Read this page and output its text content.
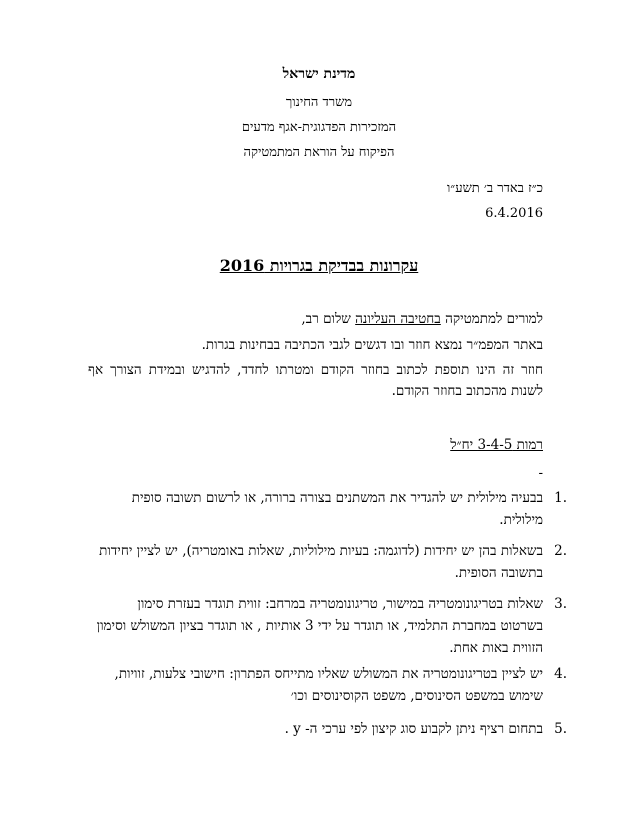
מדינת ישראל
משרד החינוך
המזכירות הפדגוגית-אגף מדעים
הפיקוח על הוראת המתמטיקה
כ״ז באדר ב׳ תשע״ו
6.4.2016
עקרונות בבדיקת בגרויות 2016
למורים למתמטיקה בחטיבה העליונה שלום רב,
באתר המפמ״ר נמצא חוזר ובו דגשים לגבי הכתיבה בבחינות בגרות.
חוזר זה הינו תוספת לכתוב בחוזר הקודם ומטרתו לחדד, להדגיש ובמידת הצורך אף לשנות מהכתוב בחוזר הקודם.
רמות 3-4-5 יח״ל
-
1.
בבעיה מילולית יש להגדיר את המשתנים בצורה ברורה, או לרשום תשובה סופית מילולית.
2.
בשאלות בהן יש יחידות (לדוגמה: בעיות מילוליות, שאלות באומטריה), יש לציין יחידות בתשובה הסופית.
3.
שאלות בטריגונומטריה במישור, טריגונומטריה במרחב: זווית תוגדר בעזרת סימון בשרטוט במחברת התלמיד, או תוגדר על ידי 3 אותיות , או תוגדר בציון המשולש וסימון הזווית באות אחת.
4.
יש לציין בטריגונומטריה את המשולש שאליו מתייחס הפתרון: חישובי צלעות, זוויות, שימוש במשפט הסינוסים, משפט הקוסינוסים וכו׳
5.
בתחום רציף ניתן לקבוע סוג קיצון לפי ערכי ה- y .
